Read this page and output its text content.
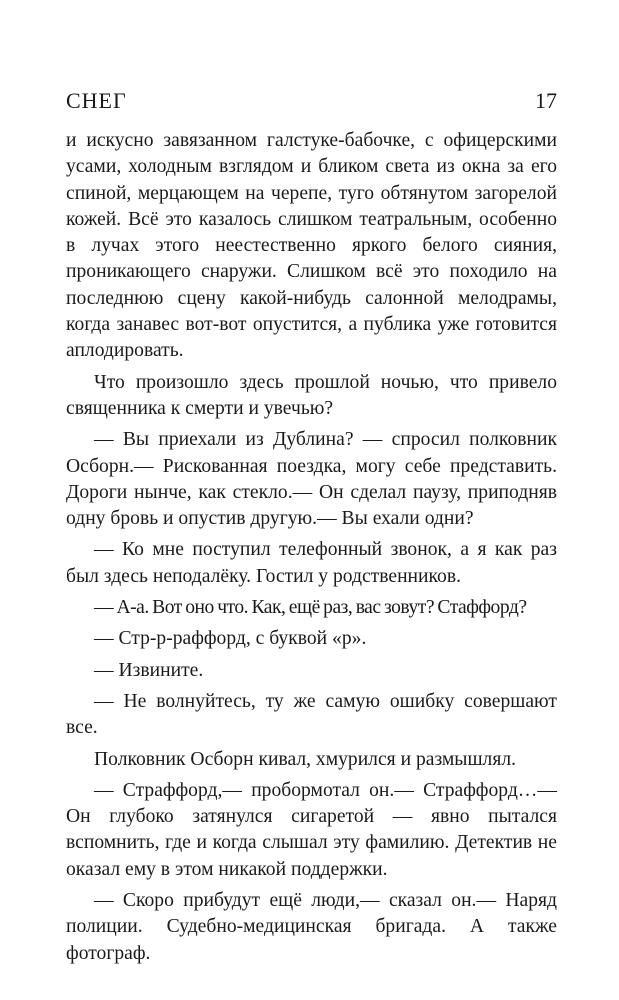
СНЕГ	17

и искусно завязанном галстуке-бабочке, с офицерскими усами, холодным взглядом и бликом света из окна за его спиной, мерцающем на черепе, туго обтянутом загорелой кожей. Всё это казалось слишком театральным, особенно в лучах этого неестественно яркого белого сияния, проникающего снаружи. Слишком всё это походило на последнюю сцену какой-нибудь салонной мелодрамы, когда занавес вот-вот опустится, а публика уже готовится аплодировать.

Что произошло здесь прошлой ночью, что привело священника к смерти и увечью?

— Вы приехали из Дублина? — спросил полковник Осборн.— Рискованная поездка, могу себе представить. Дороги нынче, как стекло.— Он сделал паузу, приподняв одну бровь и опустив другую.— Вы ехали одни?

— Ко мне поступил телефонный звонок, а я как раз был здесь неподалёку. Гостил у родственников.

— А-а. Вот оно что. Как, ещё раз, вас зовут? Стаффорд?

— Стр-р-раффорд, с буквой «р».

— Извините.

— Не волнуйтесь, ту же самую ошибку совершают все.

Полковник Осборн кивал, хмурился и размышлял.

— Страффорд,— пробормотал он.— Страффорд…— Он глубоко затянулся сигаретой — явно пытался вспомнить, где и когда слышал эту фамилию. Детектив не оказал ему в этом никакой поддержки.

— Скоро прибудут ещё люди,— сказал он.— Наряд полиции. Судебно-медицинская бригада. А также фотограф.
